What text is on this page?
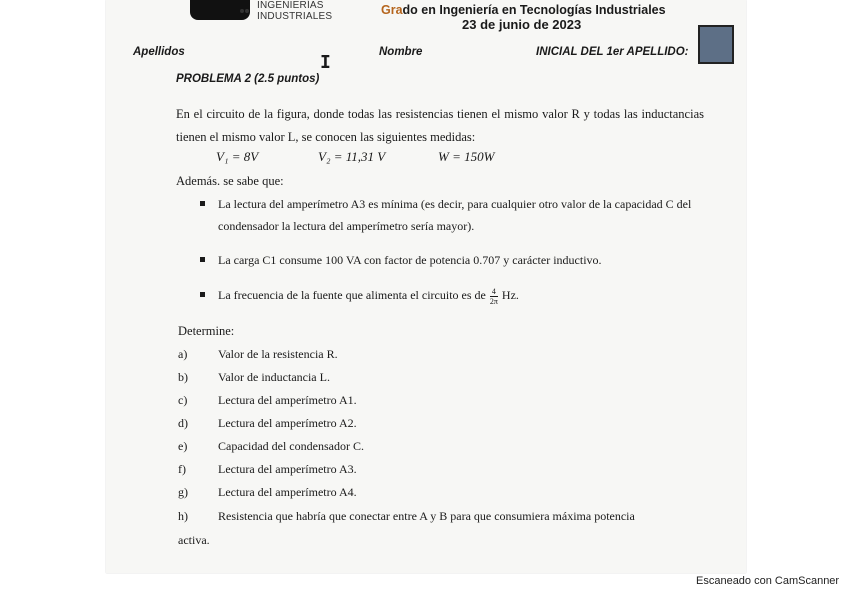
INGENIERÍAS
INDUSTRIALES	Grado en Ingeniería en Tecnologías Industriales
23 de junio de 2023
Apellidos	Nombre	INICIAL DEL 1er APELLIDO:
I
PROBLEMA 2 (2.5 puntos)
En el circuito de la figura, donde todas las resistencias tienen el mismo valor R y todas las inductancias tienen el mismo valor L, se conocen las siguientes medidas:
V₁ = 8V	V₂ = 11,31 V	W = 150W
Además. se sabe que:
La lectura del amperímetro A3 es mínima (es decir, para cualquier otro valor de la capacidad C del condensador la lectura del amperímetro sería mayor).
La carga C1 consume 100 VA con factor de potencia 0.707 y carácter inductivo.
La frecuencia de la fuente que alimenta el circuito es de $\frac{4}{2\pi} Hz$.
Determine:
a)	Valor de la resistencia R.
b)	Valor de inductancia L.
c)	Lectura del amperímetro A1.
d)	Lectura del amperímetro A2.
e)	Capacidad del condensador C.
f)	Lectura del amperímetro A3.
g)	Lectura del amperímetro A4.
h)	Resistencia que habría que conectar entre A y B para que consumiera máxima potencia
activa.
Escaneado con CamScanner
